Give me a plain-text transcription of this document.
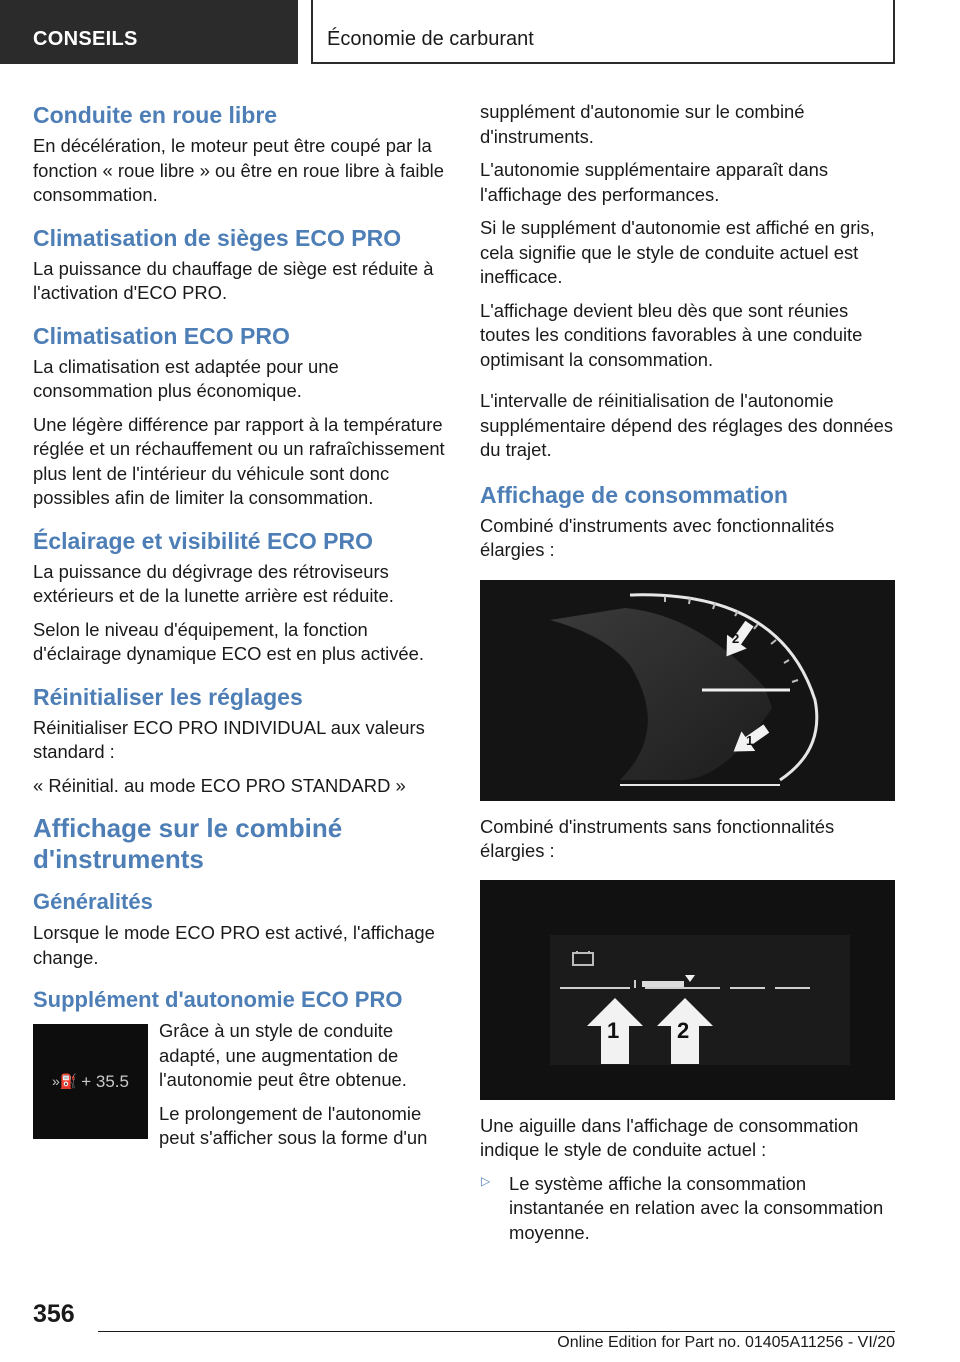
CONSEILS	Économie de carburant
Conduite en roue libre

En décélération, le moteur peut être coupé par la fonction « roue libre » ou être en roue libre à faible consommation.

Climatisation de sièges ECO PRO

La puissance du chauffage de siège est réduite à l'activation d'ECO PRO.

Climatisation ECO PRO

La climatisation est adaptée pour une consommation plus économique.

Une légère différence par rapport à la température réglée et un réchauffement ou un rafraîchissement plus lent de l'intérieur du véhicule sont donc possibles afin de limiter la consommation.

Éclairage et visibilité ECO PRO

La puissance du dégivrage des rétroviseurs extérieurs et de la lunette arrière est réduite.

Selon le niveau d'équipement, la fonction d'éclairage dynamique ECO est en plus activée.

Réinitialiser les réglages

Réinitialiser ECO PRO INDIVIDUAL aux valeurs standard :

« Réinitial. au mode ECO PRO STANDARD »

Affichage sur le combiné d'instruments
Généralités

Lorsque le mode ECO PRO est activé, l'affichage change.

Supplément d'autonomie ECO PRO
»⛽ + 35.5

Grâce à un style de conduite adapté, une augmentation de l'autonomie peut être obtenue.

Le prolongement de l'autonomie peut s'afficher sous la forme d'un

supplément d'autonomie sur le combiné d'instruments.

L'autonomie supplémentaire apparaît dans l'affichage des performances.

Si le supplément d'autonomie est affiché en gris, cela signifie que le style de conduite actuel est inefficace.

L'affichage devient bleu dès que sont réunies toutes les conditions favorables à une conduite optimisant la consommation.

L'intervalle de réinitialisation de l'autonomie supplémentaire dépend des réglages des données du trajet.

Affichage de consommation

Combiné d'instruments avec fonctionnalités élargies :

1
2

Combiné d'instruments sans fonctionnalités élargies :

1	2

Une aiguille dans l'affichage de consommation indique le style de conduite actuel :

▷ Le système affiche la consommation instantanée en relation avec la consommation moyenne.

356
Online Edition for Part no. 01405A11256 - VI/20
